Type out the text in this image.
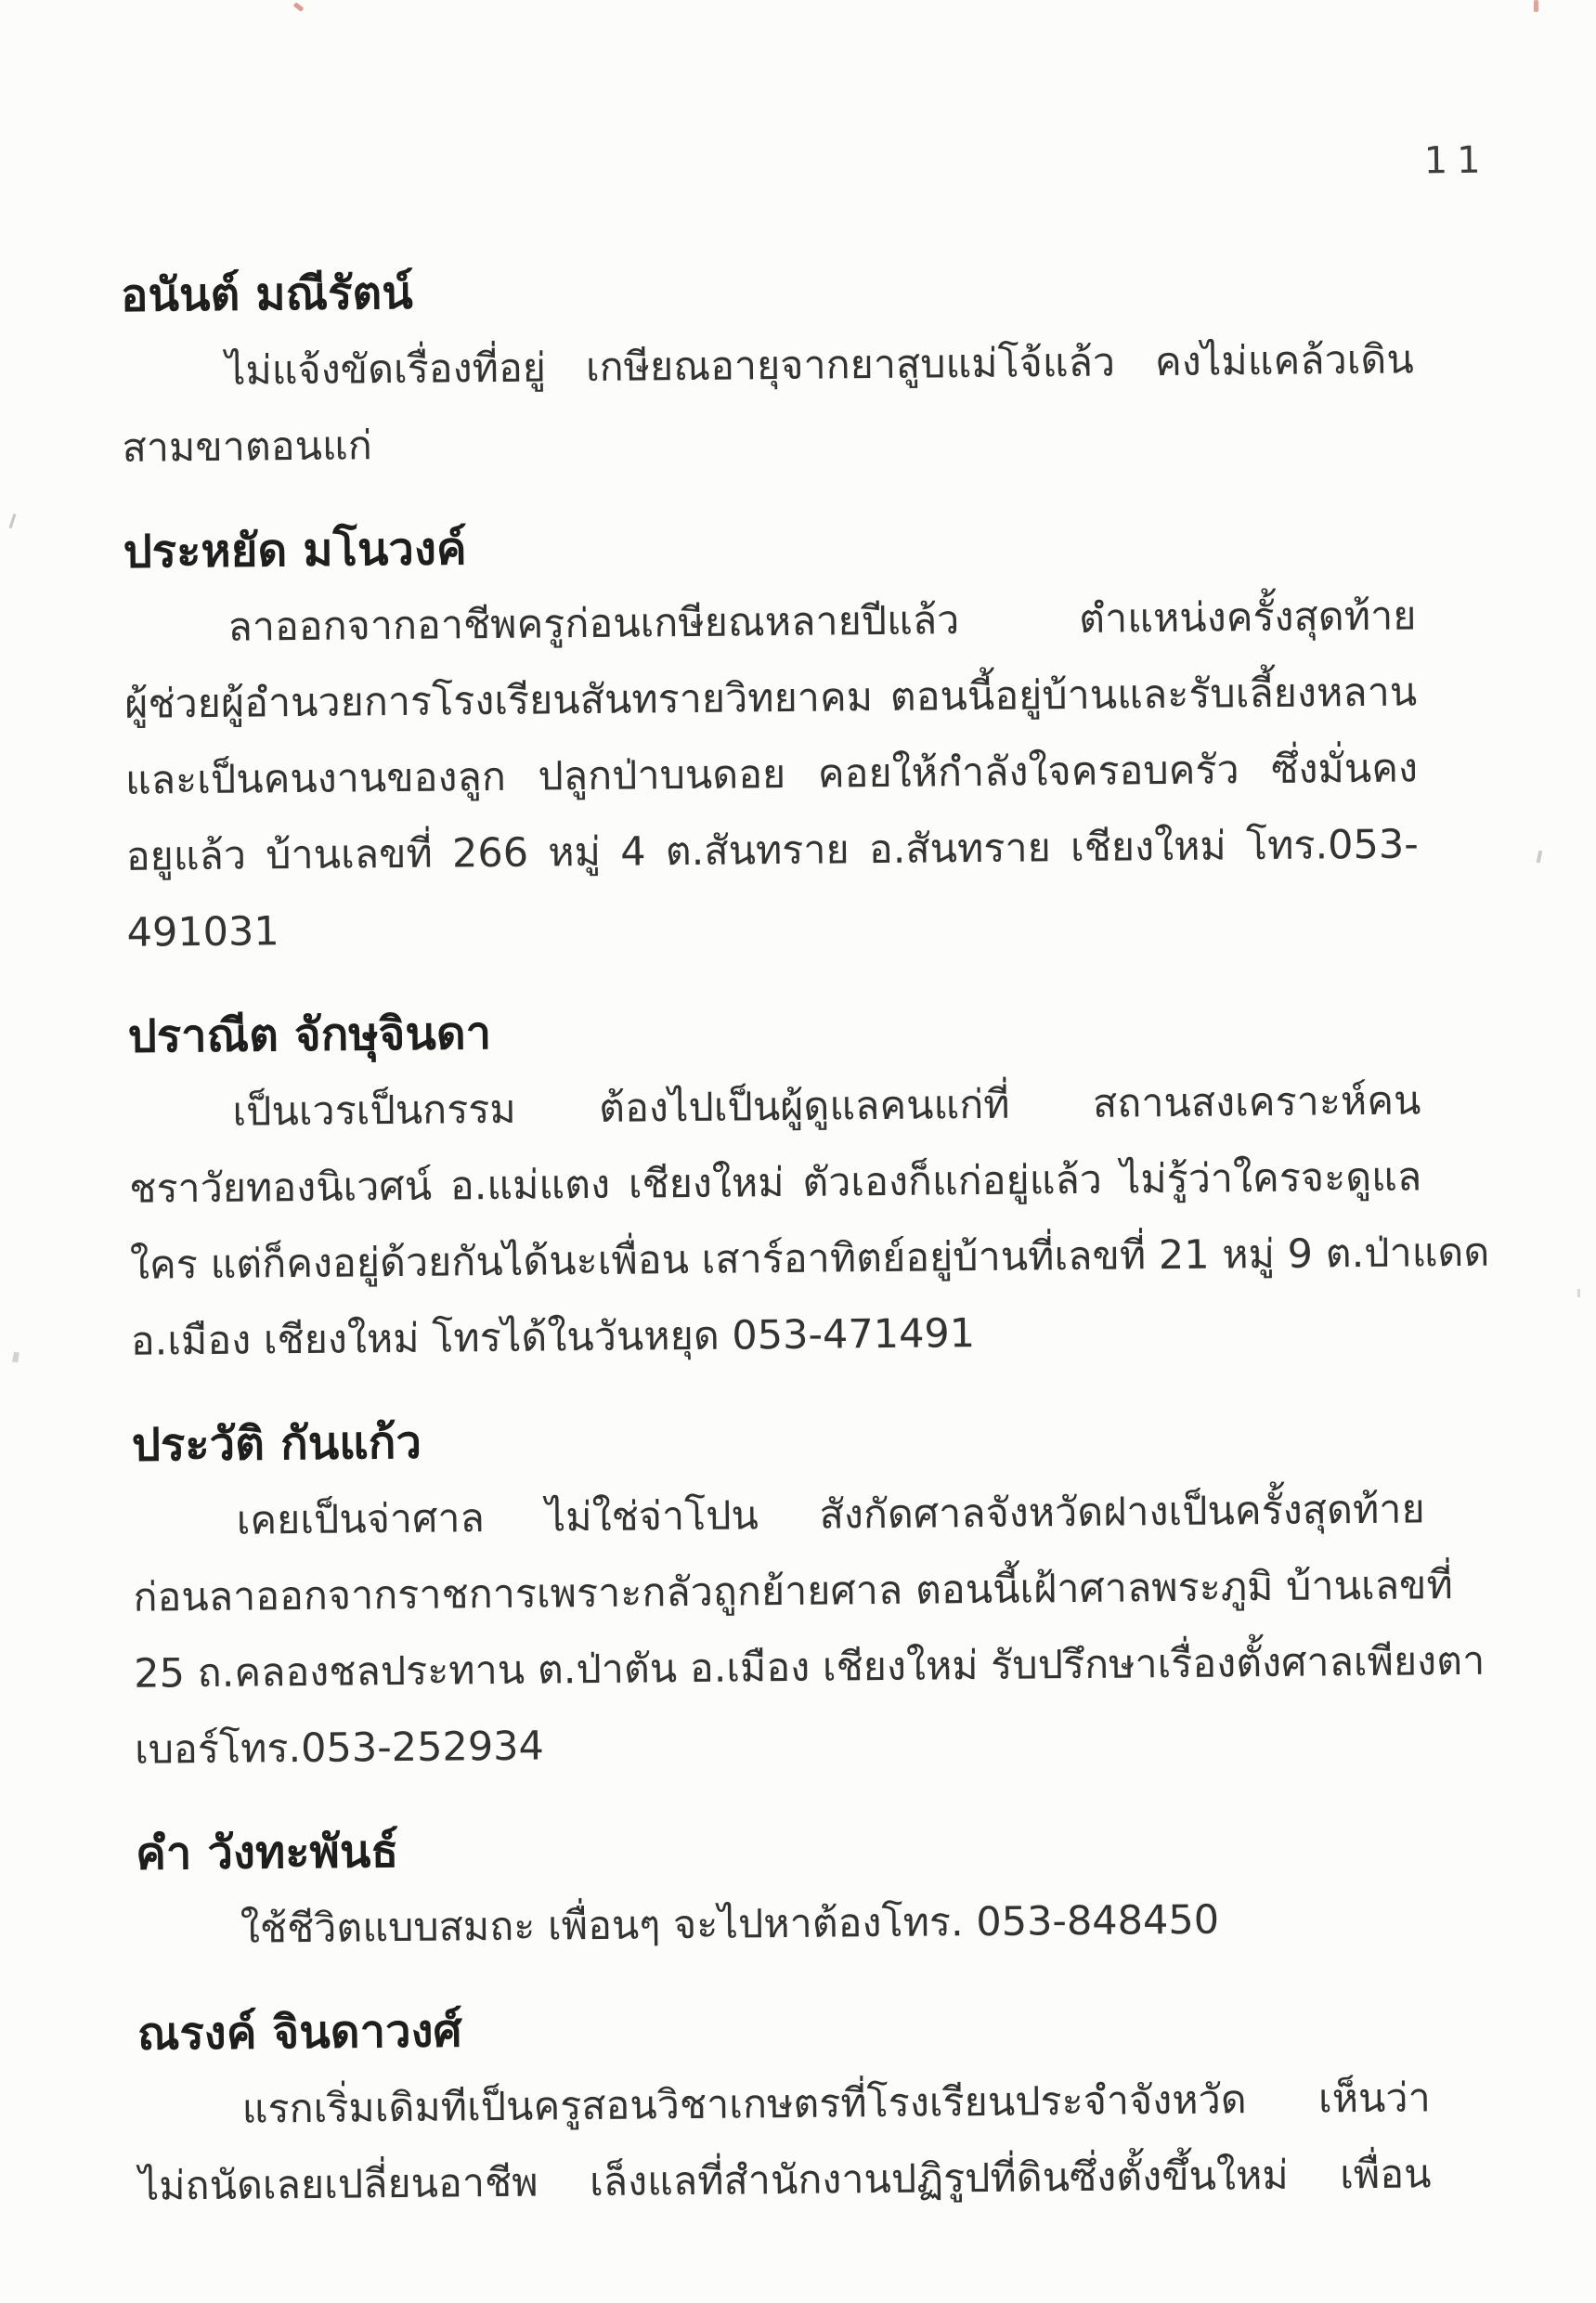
11
อนันต์ มณีรัตน์
ไม่แจ้งขัดเรื่องที่อยู่ เกษียณอายุจากยาสูบแม่โจ้แล้ว คงไม่แคล้วเดิน
สามขาตอนแก่
ประหยัด มโนวงค์
ลาออกจากอาชีพครูก่อนเกษียณหลายปีแล้ว ตำแหน่งครั้งสุดท้าย
ผู้ช่วยผู้อำนวยการโรงเรียนสันทรายวิทยาคม ตอนนี้อยู่บ้านและรับเลี้ยงหลาน
และเป็นคนงานของลูก ปลูกป่าบนดอย คอยให้กำลังใจครอบครัว ซึ่งมั่นคง
อยูแล้ว บ้านเลขที่ 266 หมู่ 4 ต.สันทราย อ.สันทราย เชียงใหม่ โทร.053-
491031
ปราณีต จักษุจินดา
เป็นเวรเป็นกรรม ต้องไปเป็นผู้ดูแลคนแก่ที่ สถานสงเคราะห์คน
ชราวัยทองนิเวศน์ อ.แม่แตง เชียงใหม่ ตัวเองก็แก่อยู่แล้ว ไม่รู้ว่าใครจะดูแล
ใคร แต่ก็คงอยู่ด้วยกันได้นะเพื่อน เสาร์อาทิตย์อยู่บ้านที่เลขที่ 21 หมู่ 9 ต.ป่าแดด
อ.เมือง เชียงใหม่ โทรได้ในวันหยุด 053-471491
ประวัติ กันแก้ว
เคยเป็นจ่าศาล ไม่ใช่จ่าโปน สังกัดศาลจังหวัดฝางเป็นครั้งสุดท้าย
ก่อนลาออกจากราชการเพราะกลัวถูกย้ายศาล ตอนนี้เฝ้าศาลพระภูมิ บ้านเลขที่
25 ถ.คลองชลประทาน ต.ป่าตัน อ.เมือง เชียงใหม่ รับปรึกษาเรื่องตั้งศาลเพียงตา
เบอร์โทร.053-252934
คำ วังทะพันธ์
ใช้ชีวิตแบบสมถะ เพื่อนๆ จะไปหาต้องโทร. 053-848450
ณรงค์ จินดาวงศ์
แรกเริ่มเดิมทีเป็นครูสอนวิชาเกษตรที่โรงเรียนประจำจังหวัด เห็นว่า
ไม่ถนัดเลยเปลี่ยนอาชีพ เล็งแลที่สำนักงานปฏิรูปที่ดินซึ่งตั้งขึ้นใหม่ เพื่อน
